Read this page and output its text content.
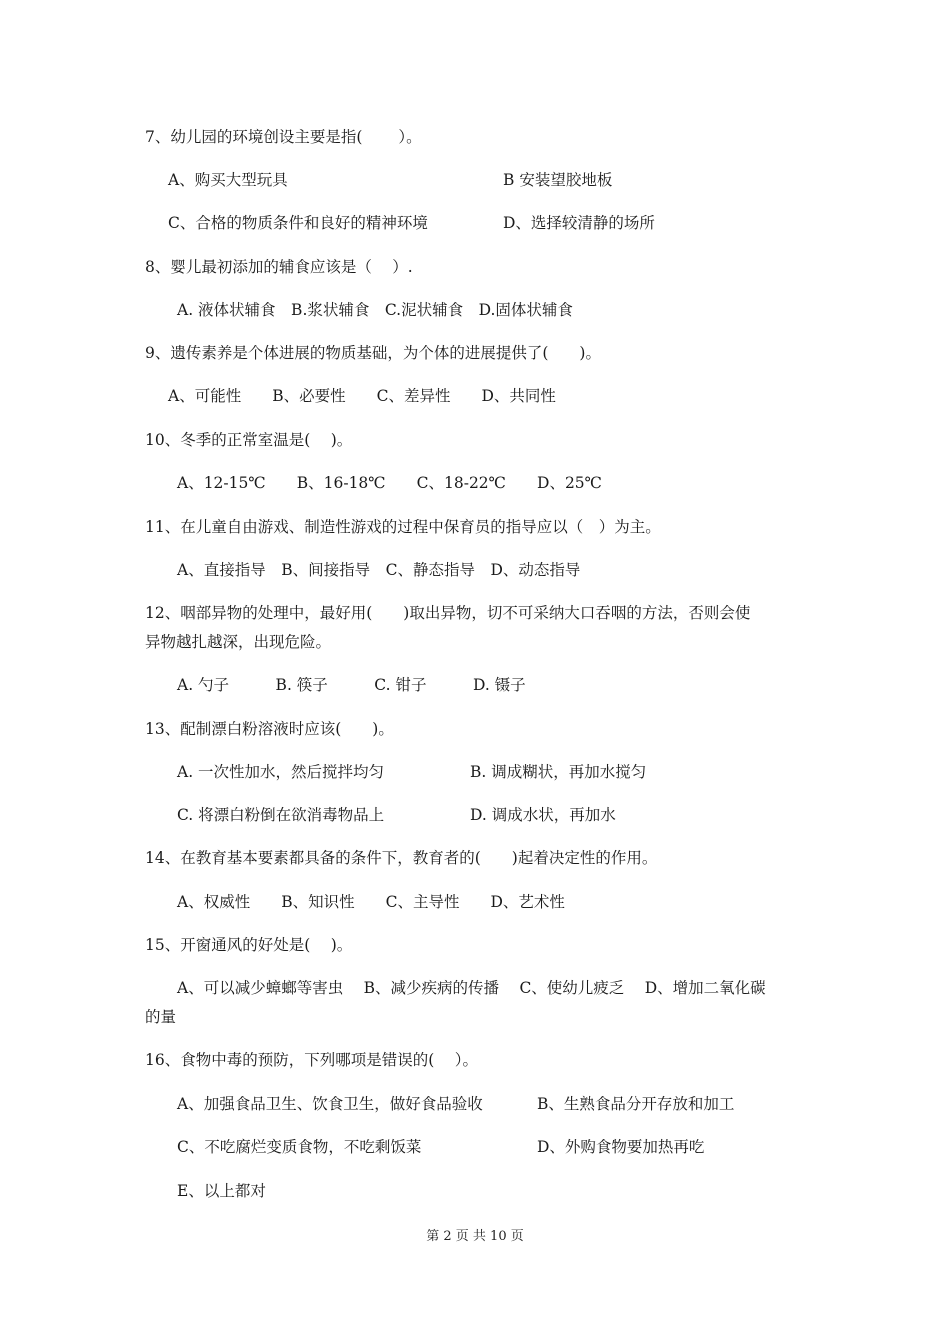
7、幼儿园的环境创设主要是指(　　 ）。
A、购买大型玩具	B 安装望胶地板
C、合格的物质条件和良好的精神环境	D、选择较清静的场所
8、婴儿最初添加的辅食应该是（　 ）.
A. 液体状辅食　B.浆状辅食　C.泥状辅食　D.固体状辅食
9、遗传素养是个体进展的物质基础，为个体的进展提供了(　　)。
A、可能性　　B、必要性　　C、差异性　　D、共同性
10、冬季的正常室温是(　 )。
A、12-15℃　　B、16-18℃　　C、18-22℃　　D、25℃
11、在儿童自由游戏、制造性游戏的过程中保育员的指导应以（　）为主。
A、直接指导　B、间接指导　C、静态指导　D、动态指导
12、咽部异物的处理中，最好用(　　)取出异物，切不可采纳大口吞咽的方法，否则会使
异物越扎越深，出现危险。
A. 勺子　　　B. 筷子　　　C. 钳子　　　D. 镊子
13、配制漂白粉溶液时应该(　　)。
A. 一次性加水，然后搅拌均匀	B. 调成糊状，再加水搅匀
C. 将漂白粉倒在欲消毒物品上	D. 调成水状，再加水
14、在教育基本要素都具备的条件下，教育者的(　　)起着决定性的作用。
A、权威性　　B、知识性　　C、主导性　　D、艺术性
15、开窗通风的好处是(　 )。
A、可以减少蟑螂等害虫　 B、减少疾病的传播　 C、使幼儿疲乏　 D、增加二氧化碳
的量
16、食物中毒的预防，下列哪项是错误的(　 ）。
A、加强食品卫生、饮食卫生，做好食品验收	B、生熟食品分开存放和加工
C、不吃腐烂变质食物，不吃剩饭菜	D、外购食物要加热再吃
E、以上都对
第 2 页 共 10 页
